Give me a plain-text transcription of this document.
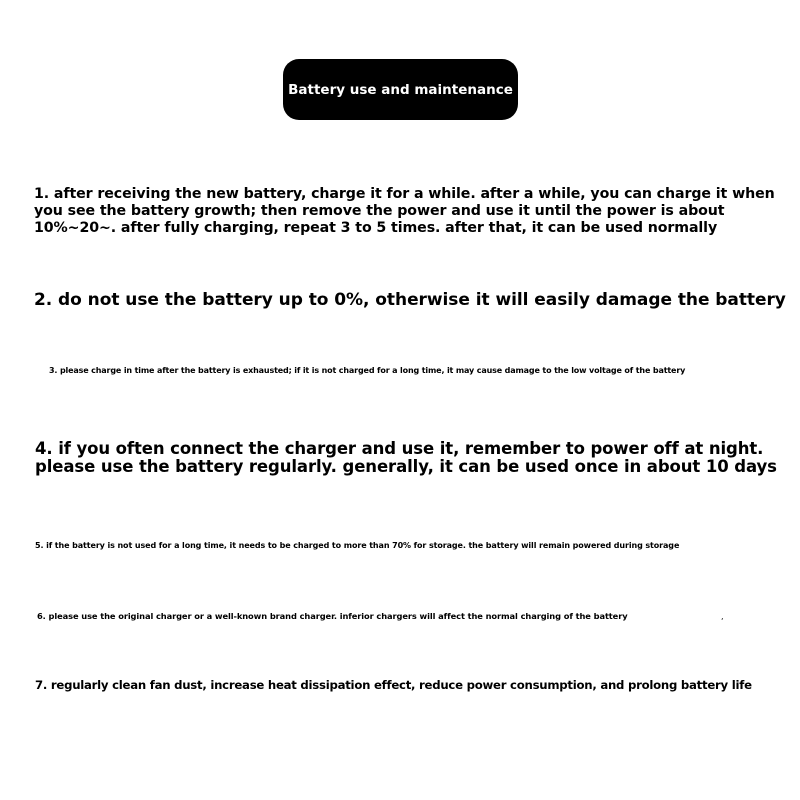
Battery use and maintenance
1. after receiving the new battery, charge it for a while. after a while, you can charge it when
you see the battery growth; then remove the power and use it until the power is about
10%~20~. after fully charging, repeat 3 to 5 times. after that, it can be used normally
2. do not use the battery up to 0%, otherwise it will easily damage the battery
3. please charge in time after the battery is exhausted; if it is not charged for a long time, it may cause damage to the low voltage of the battery
4. if you often connect the charger and use it, remember to power off at night.
please use the battery regularly. generally, it can be used once in about 10 days
5. if the battery is not used for a long time, it needs to be charged to more than 70% for storage. the battery will remain powered during storage
6. please use the original charger or a well-known brand charger. inferior chargers will affect the normal charging of the battery	,
7. regularly clean fan dust, increase heat dissipation effect, reduce power consumption, and prolong battery life
